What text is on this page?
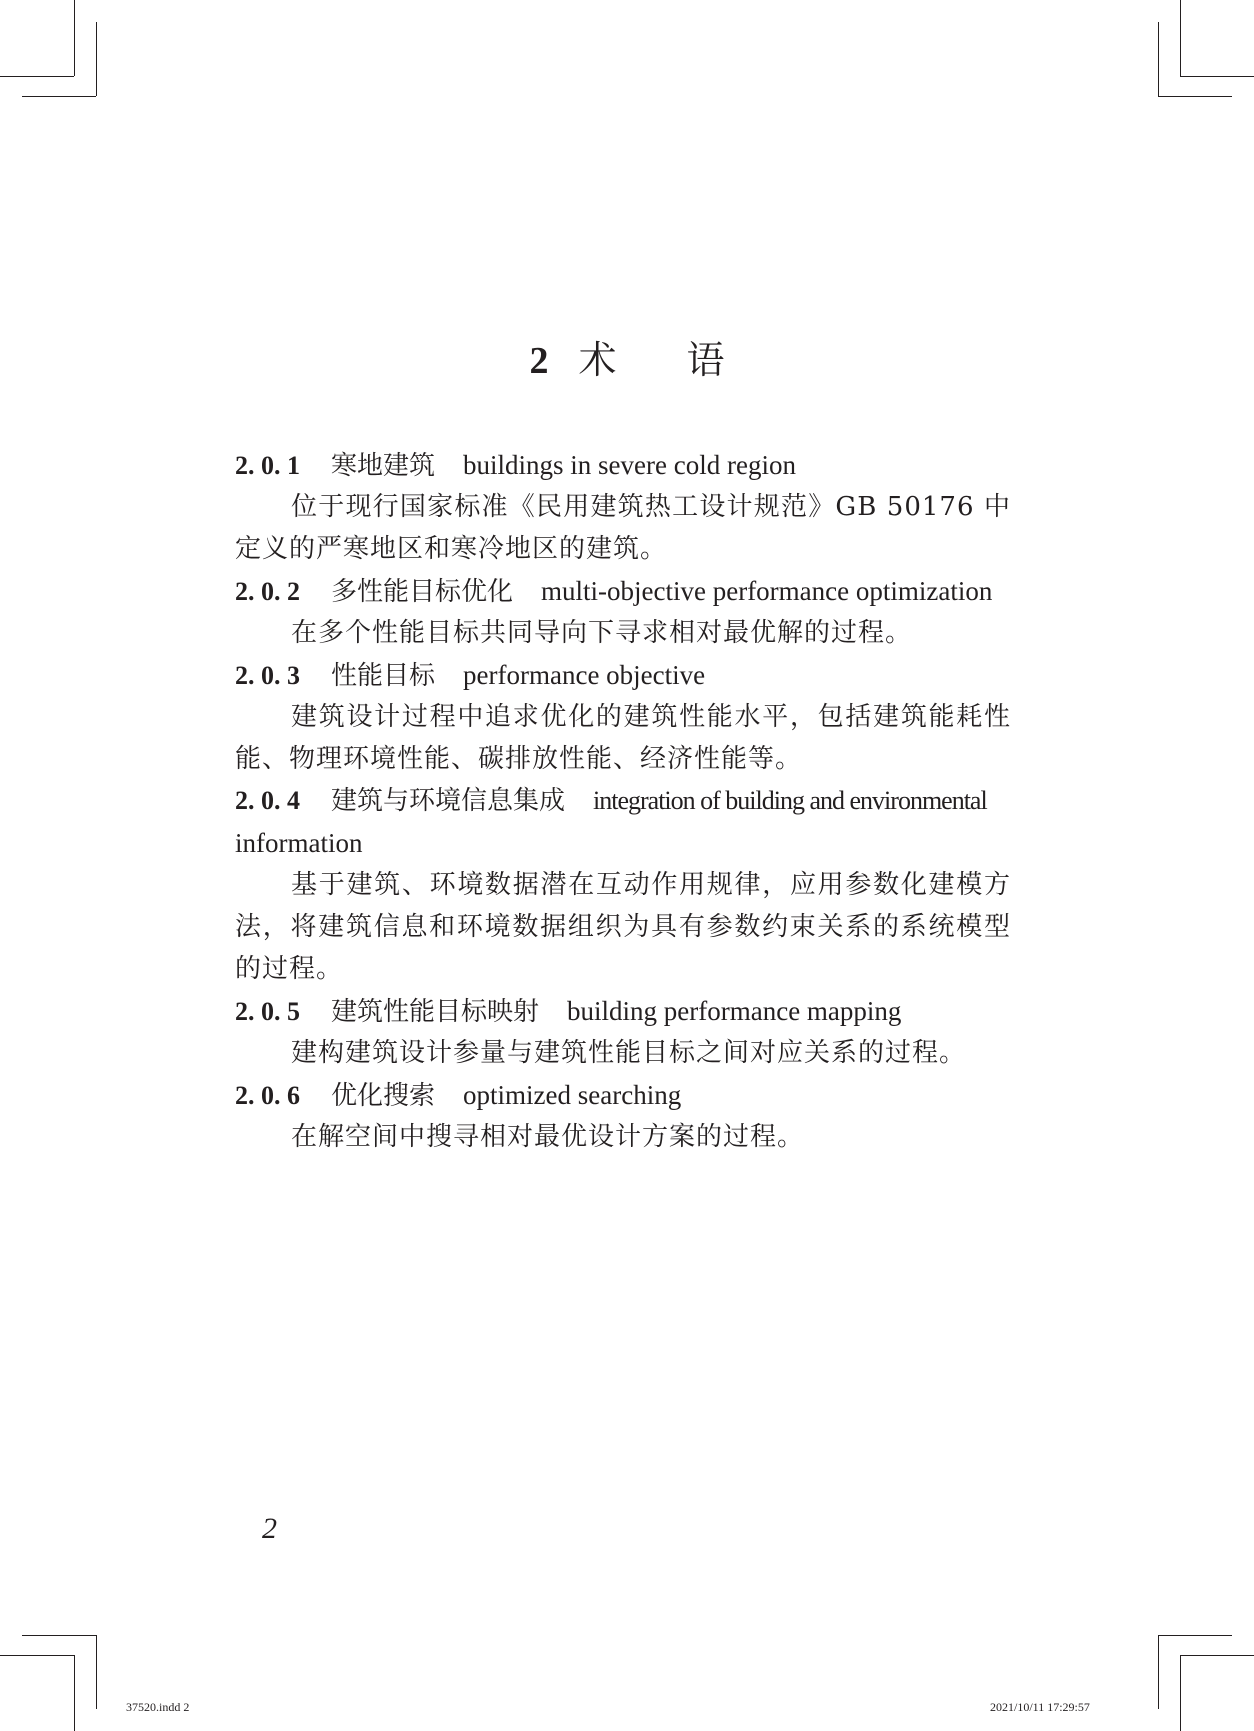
2 术 语
2. 0. 1 寒地建筑 buildings in severe cold region
位于现行国家标准《民用建筑热工设计规范》GB 50176 中定义的严寒地区和寒冷地区的建筑。
2. 0. 2 多性能目标优化 multi-objective performance optimization
在多个性能目标共同导向下寻求相对最优解的过程。
2. 0. 3 性能目标 performance objective
建筑设计过程中追求优化的建筑性能水平，包括建筑能耗性能、物理环境性能、碳排放性能、经济性能等。
2. 0. 4 建筑与环境信息集成 integration of building and environmental
information
基于建筑、环境数据潜在互动作用规律，应用参数化建模方法，将建筑信息和环境数据组织为具有参数约束关系的系统模型的过程。
2. 0. 5 建筑性能目标映射 building performance mapping
建构建筑设计参量与建筑性能目标之间对应关系的过程。
2. 0. 6 优化搜索 optimized searching
在解空间中搜寻相对最优设计方案的过程。
2
37520.indd 2	2021/10/11 17:29:57
